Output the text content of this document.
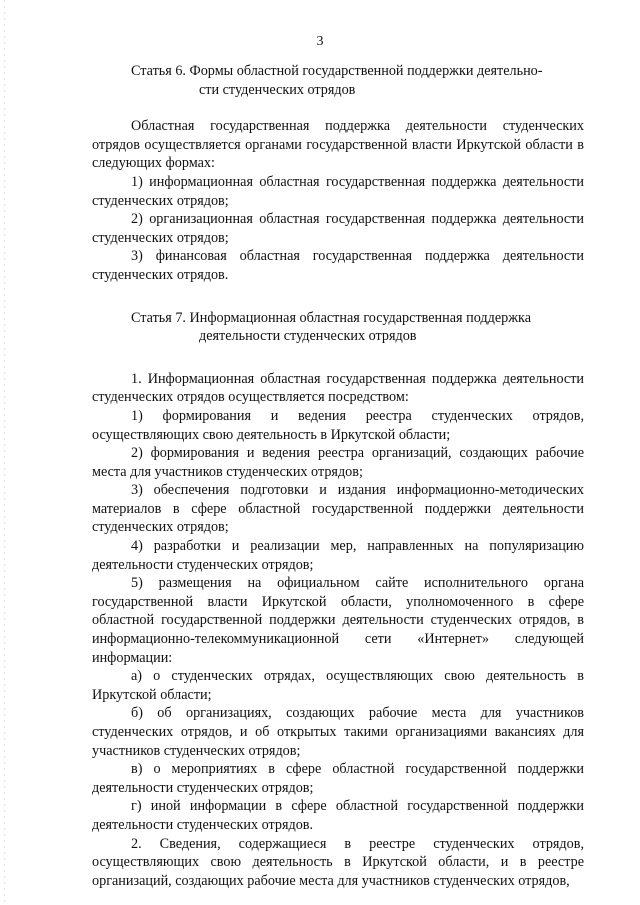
3
Статья 6. Формы областной государственной поддержки деятельно-
сти студенческих отрядов

Областная государственная поддержка деятельности студенческих отрядов осуществляется органами государственной власти Иркутской области в следующих формах:

1) информационная областная государственная поддержка деятельности студенческих отрядов;

2) организационная областная государственная поддержка деятельности студенческих отрядов;

3) финансовая областная государственная поддержка деятельности студенческих отрядов.

Статья 7. Информационная областная государственная поддержка
деятельности студенческих отрядов

1. Информационная областная государственная поддержка деятельности студенческих отрядов осуществляется посредством:

1) формирования и ведения реестра студенческих отрядов, осуществляющих свою деятельность в Иркутской области;

2) формирования и ведения реестра организаций, создающих рабочие места для участников студенческих отрядов;

3) обеспечения подготовки и издания информационно-методических материалов в сфере областной государственной поддержки деятельности студенческих отрядов;

4) разработки и реализации мер, направленных на популяризацию деятельности студенческих отрядов;

5) размещения на официальном сайте исполнительного органа государственной власти Иркутской области, уполномоченного в сфере областной государственной поддержки деятельности студенческих отрядов, в информационно-телекоммуникационной сети «Интернет» следующей информации:

а) о студенческих отрядах, осуществляющих свою деятельность в Иркутской области;

б) об организациях, создающих рабочие места для участников студенческих отрядов, и об открытых такими организациями вакансиях для участников студенческих отрядов;

в) о мероприятиях в сфере областной государственной поддержки деятельности студенческих отрядов;

г) иной информации в сфере областной государственной поддержки деятельности студенческих отрядов.

2. Сведения, содержащиеся в реестре студенческих отрядов, осуществляющих свою деятельность в Иркутской области, и в реестре организаций, создающих рабочие места для участников студенческих отрядов,
